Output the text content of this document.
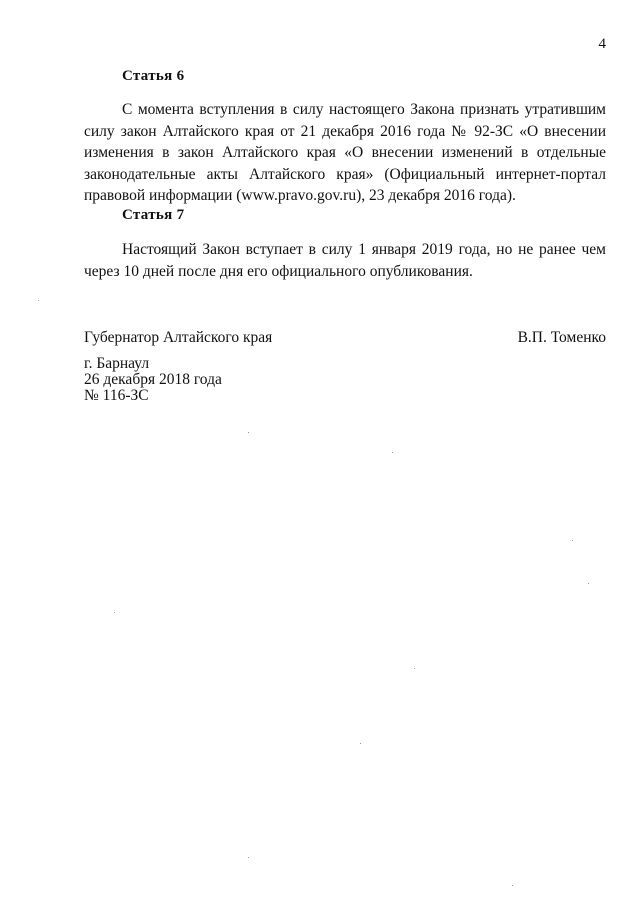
4
Статья 6

С момента вступления в силу настоящего Закона признать утратившим силу закон Алтайского края от 21 декабря 2016 года № 92-ЗС «О внесении изменения в закон Алтайского края «О внесении изменений в отдельные законодательные акты Алтайского края» (Официальный интернет-портал правовой информации (www.pravo.gov.ru), 23 декабря 2016 года).

Статья 7

Настоящий Закон вступает в силу 1 января 2019 года, но не ранее чем через 10 дней после дня его официального опубликования.

Губернатор Алтайского края	В.П. Томенко
г. Барнаул
26 декабря 2018 года
№ 116-ЗС
